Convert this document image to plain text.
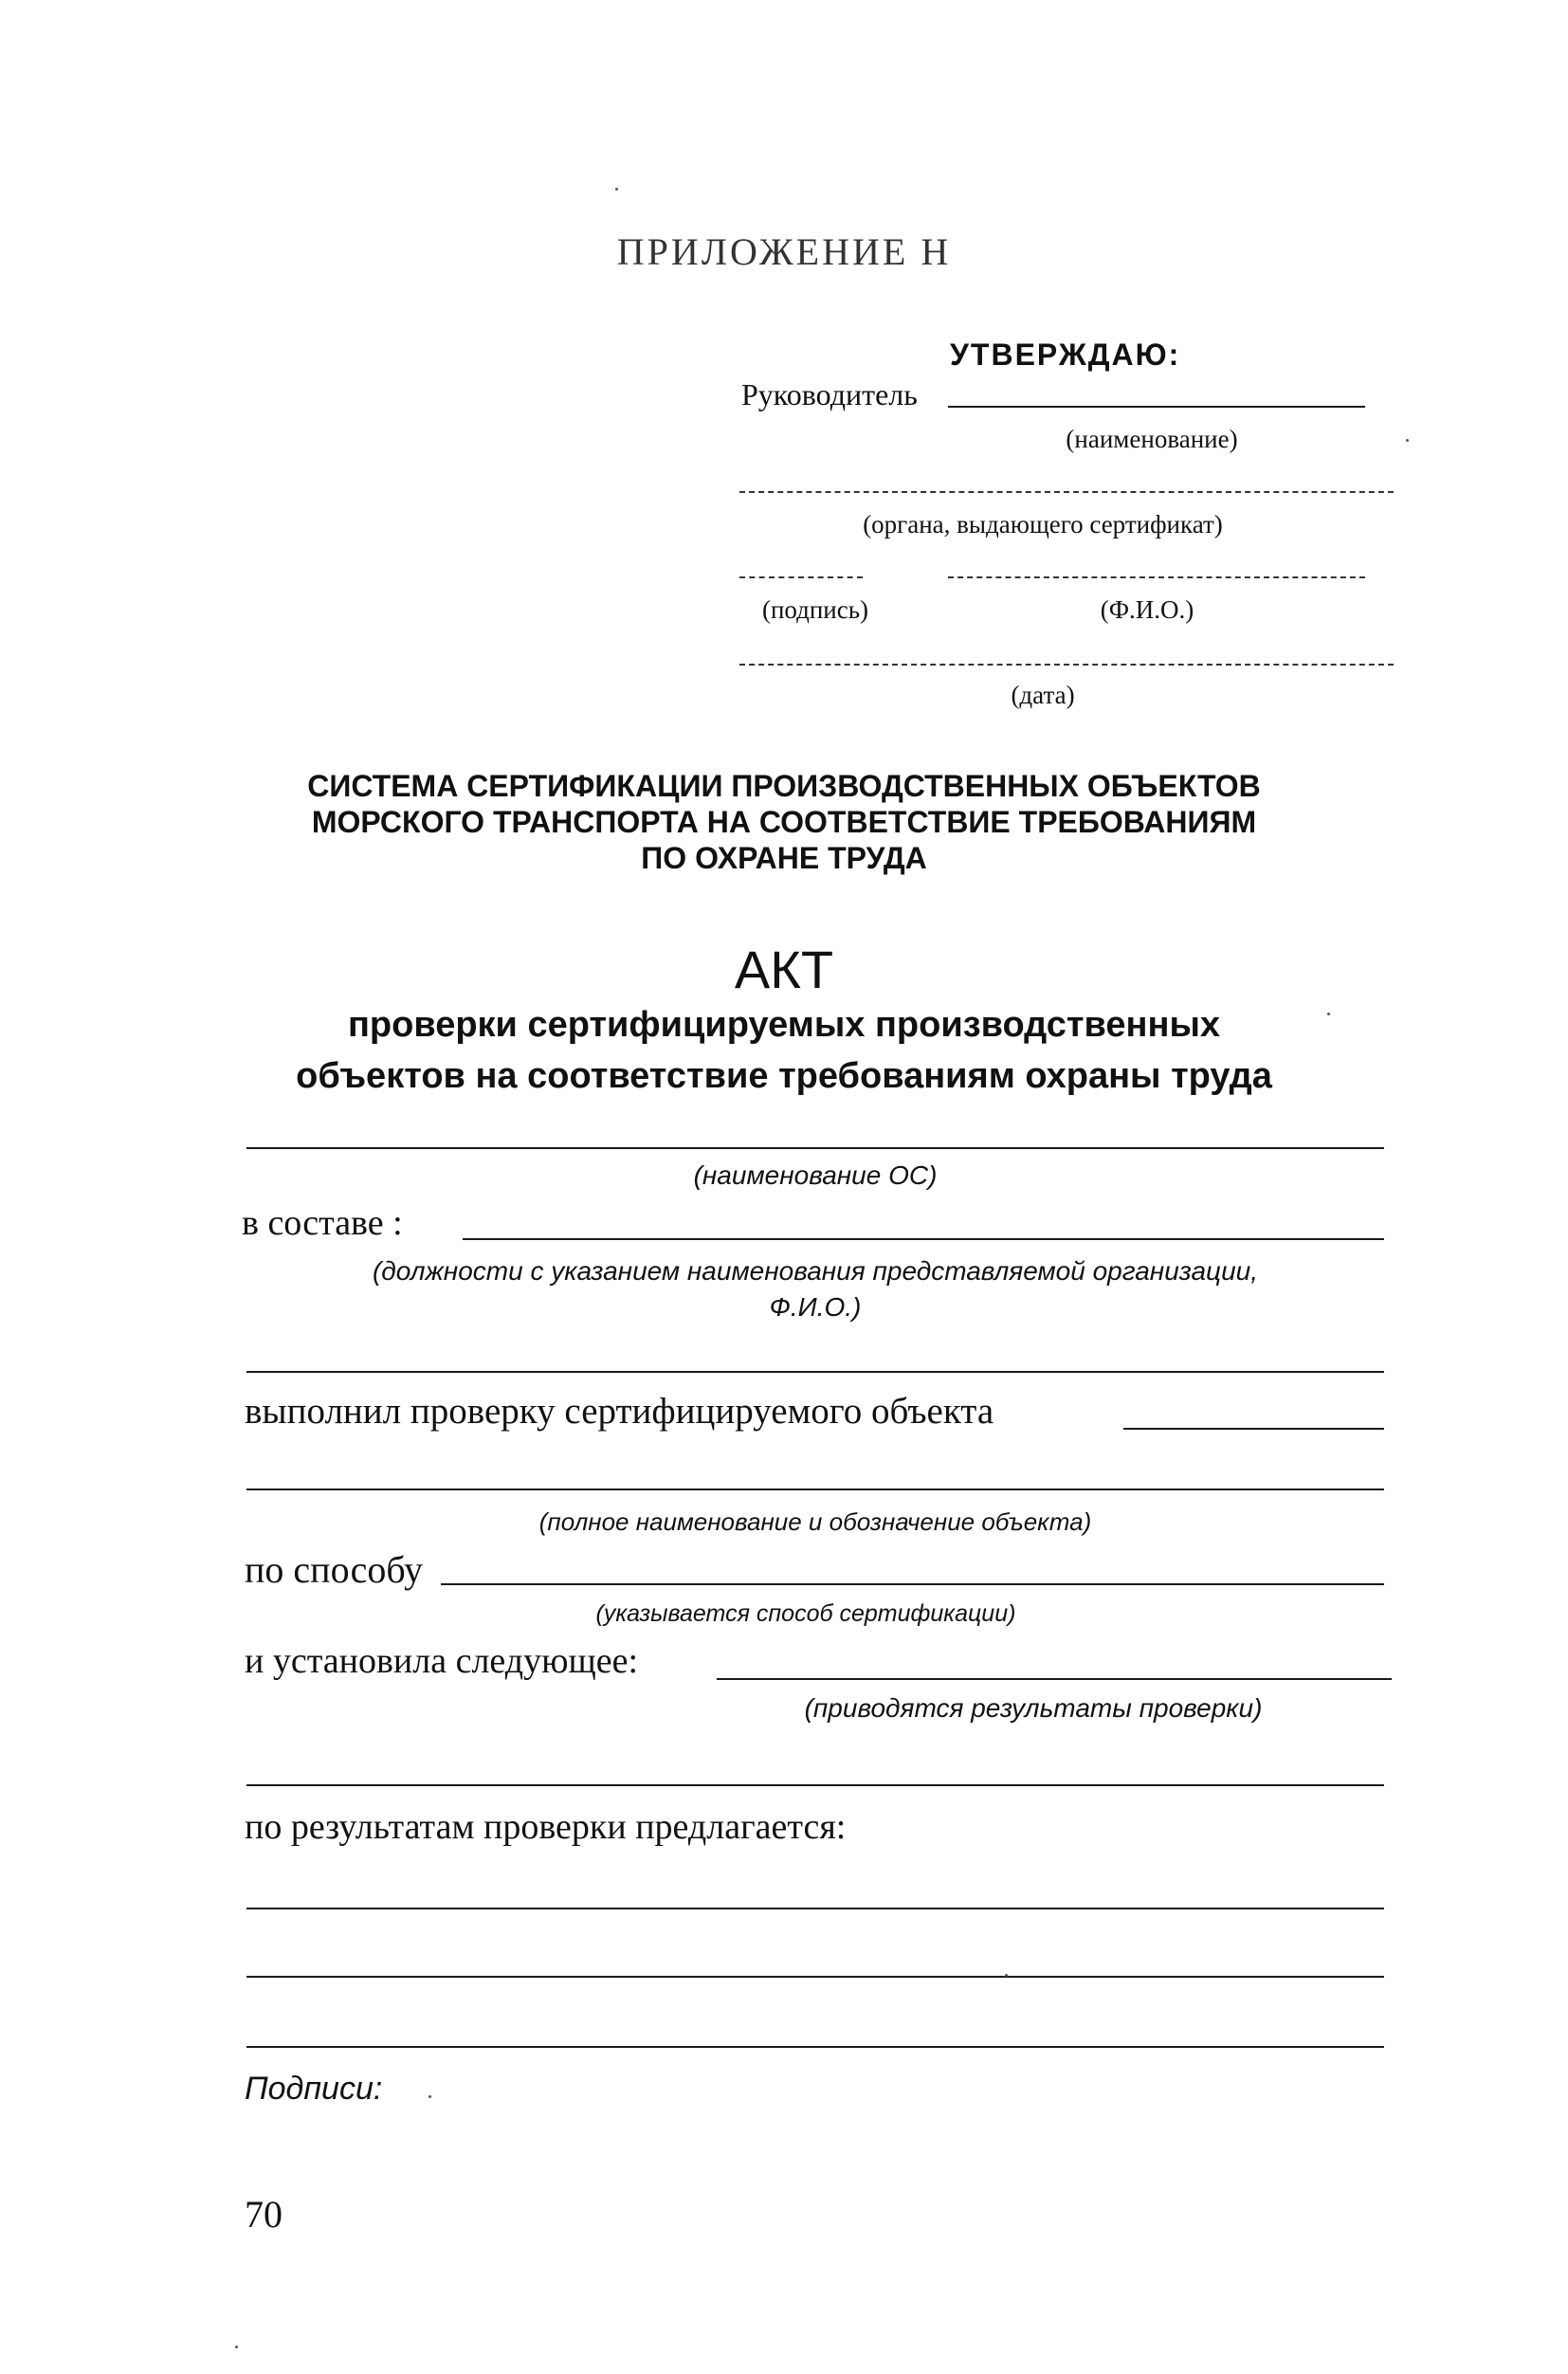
ПРИЛОЖЕНИЕ Н
УТВЕРЖДАЮ:
Руководитель
(наименование)
(органа, выдающего сертификат)
(подпись)	(Ф.И.О.)
(дата)
СИСТЕМА СЕРТИФИКАЦИИ ПРОИЗВОДСТВЕННЫХ ОБЪЕКТОВ
МОРСКОГО ТРАНСПОРТА НА СООТВЕТСТВИЕ ТРЕБОВАНИЯМ
ПО ОХРАНЕ ТРУДА
АКТ
проверки сертифицируемых производственных
объектов на соответствие требованиям охраны труда
(наименование ОС)
в составе :
(должности с указанием наименования представляемой организации,
Ф.И.О.)
выполнил проверку сертифицируемого объекта
(полное наименование и обозначение объекта)
по способу
(указывается способ сертификации)
и установила следующее:
(приводятся результаты проверки)
по результатам проверки предлагается:
Подписи:
70
